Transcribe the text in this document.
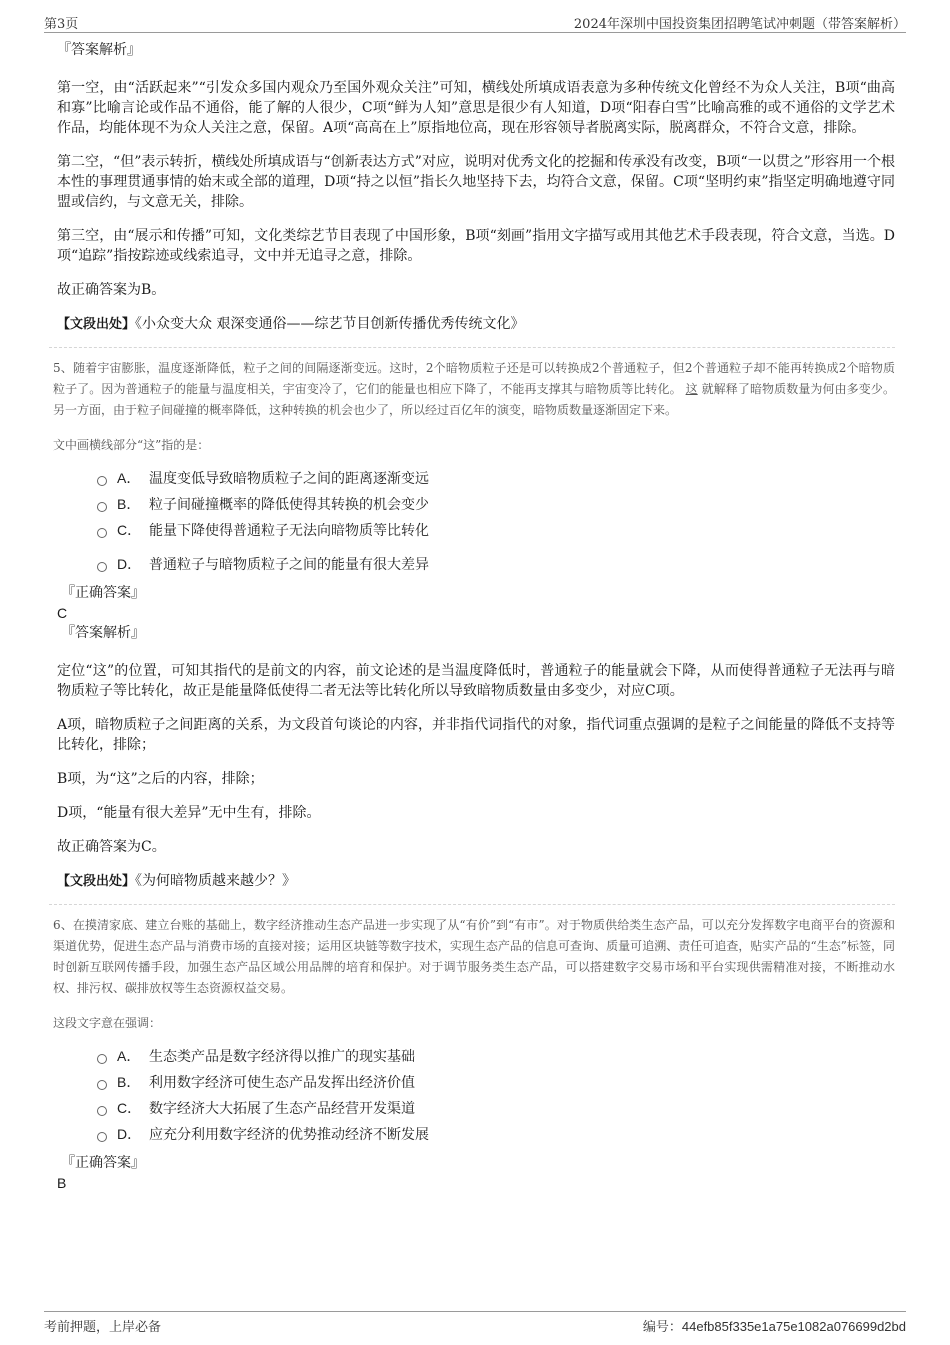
第3页	2024年深圳中国投资集团招聘笔试冲刺题（带答案解析）
『答案解析』

第一空，由“活跃起来”“引发众多国内观众乃至国外观众关注”可知，横线处所填成语表意为多种传统文化曾经不为众人关注，B项“曲高和寡”比喻言论或作品不通俗，能了解的人很少，C项“鲜为人知”意思是很少有人知道，D项“阳春白雪”比喻高雅的或不通俗的文学艺术作品，均能体现不为众人关注之意，保留。A项“高高在上”原指地位高，现在形容领导者脱离实际，脱离群众，不符合文意，排除。

第二空，“但”表示转折，横线处所填成语与“创新表达方式”对应，说明对优秀文化的挖掘和传承没有改变，B项“一以贯之”形容用一个根本性的事理贯通事情的始末或全部的道理，D项“持之以恒”指长久地坚持下去，均符合文意，保留。C项“坚明约束”指坚定明确地遵守同盟或信约，与文意无关，排除。

第三空，由“展示和传播”可知，文化类综艺节目表现了中国形象，B项“刻画”指用文字描写或用其他艺术手段表现，符合文意，当选。D项“追踪”指按踪迹或线索追寻，文中并无追寻之意，排除。

故正确答案为B。

【文段出处】《小众变大众 艰深变通俗——综艺节目创新传播优秀传统文化》

5、随着宇宙膨胀，温度逐渐降低，粒子之间的间隔逐渐变远。这时，2个暗物质粒子还是可以转换成2个普通粒子，但2个普通粒子却不能再转换成2个暗物质粒子了。因为普通粒子的能量与温度相关，宇宙变冷了，它们的能量也相应下降了，不能再支撑其与暗物质等比转化。 这 就解释了暗物质数量为何由多变少。另一方面，由于粒子间碰撞的概率降低，这种转换的机会也少了，所以经过百亿年的演变，暗物质数量逐渐固定下来。

文中画横线部分“这”指的是：

A． 温度变低导致暗物质粒子之间的距离逐渐变远
B． 粒子间碰撞概率的降低使得其转换的机会变少
C． 能量下降使得普通粒子无法向暗物质等比转化
D． 普通粒子与暗物质粒子之间的能量有很大差异
『正确答案』
C
『答案解析』

定位“这”的位置，可知其指代的是前文的内容，前文论述的是当温度降低时，普通粒子的能量就会下降，从而使得普通粒子无法再与暗物质粒子等比转化，故正是能量降低使得二者无法等比转化所以导致暗物质数量由多变少，对应C项。

A项，暗物质粒子之间距离的关系，为文段首句谈论的内容，并非指代词指代的对象，指代词重点强调的是粒子之间能量的降低不支持等比转化，排除；

B项，为“这”之后的内容，排除；

D项，“能量有很大差异”无中生有，排除。

故正确答案为C。

【文段出处】《为何暗物质越来越少？》

6、在摸清家底、建立台账的基础上，数字经济推动生态产品进一步实现了从“有价”到“有市”。对于物质供给类生态产品，可以充分发挥数字电商平台的资源和渠道优势，促进生态产品与消费市场的直接对接；运用区块链等数字技术，实现生态产品的信息可查询、质量可追溯、责任可追查，贴实产品的“生态”标签，同时创新互联网传播手段，加强生态产品区域公用品牌的培育和保护。对于调节服务类生态产品，可以搭建数字交易市场和平台实现供需精准对接，不断推动水权、排污权、碳排放权等生态资源权益交易。

这段文字意在强调：

A． 生态类产品是数字经济得以推广的现实基础
B． 利用数字经济可使生态产品发挥出经济价值
C． 数字经济大大拓展了生态产品经营开发渠道
D． 应充分利用数字经济的优势推动经济不断发展
『正确答案』
B
考前押题，上岸必备	编号：44efb85f335e1a75e1082a076699d2bd
